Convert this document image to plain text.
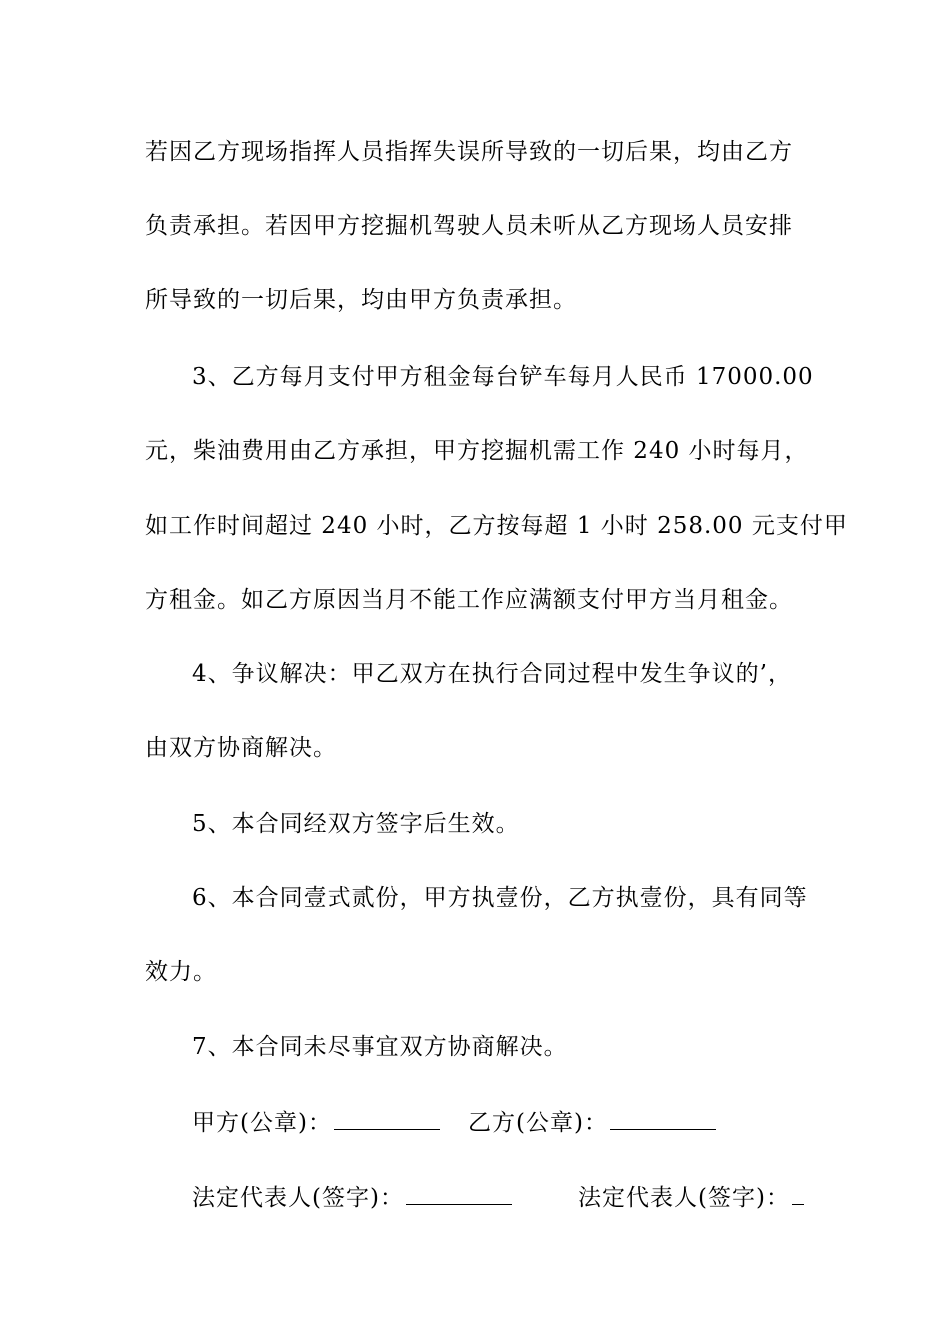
若因乙方现场指挥人员指挥失误所导致的一切后果，均由乙方
负责承担。若因甲方挖掘机驾驶人员未听从乙方现场人员安排
所导致的一切后果，均由甲方负责承担。
3、乙方每月支付甲方租金每台铲车每月人民币 17000.00
元，柴油费用由乙方承担，甲方挖掘机需工作 240 小时每月，
如工作时间超过 240 小时，乙方按每超 1 小时 258.00 元支付甲
方租金。如乙方原因当月不能工作应满额支付甲方当月租金。
4、争议解决：甲乙双方在执行合同过程中发生争议的’，
由双方协商解决。
5、本合同经双方签字后生效。
6、本合同壹式贰份，甲方执壹份，乙方执壹份，具有同等
效力。
7、本合同未尽事宜双方协商解决。
甲方(公章)：	乙方(公章)：
法定代表人(签字)：	法定代表人(签字)：
